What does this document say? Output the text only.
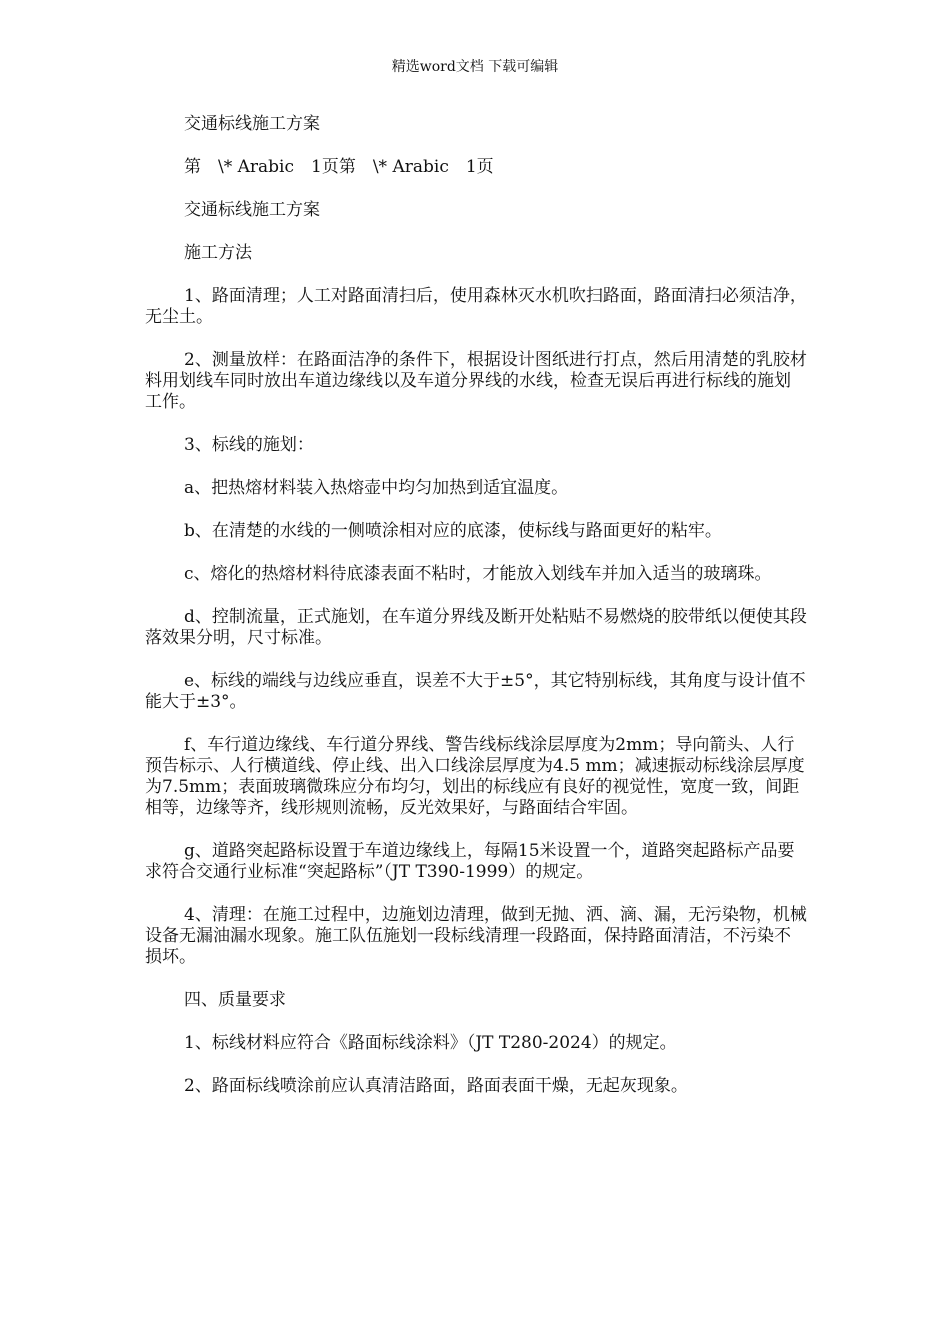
精选word文档 下载可编辑

交通标线施工方案

第　\* Arabic　1页第　\* Arabic　1页

交通标线施工方案

施工方法

1、路面清理；人工对路面清扫后，使用森林灭水机吹扫路面，路面清扫必须洁净，无尘土。

2、测量放样：在路面洁净的条件下，根据设计图纸进行打点，然后用清楚的乳胶材料用划线车同时放出车道边缘线以及车道分界线的水线，检查无误后再进行标线的施划工作。

3、标线的施划：

a、把热熔材料装入热熔壶中均匀加热到适宜温度。

b、在清楚的水线的一侧喷涂相对应的底漆，使标线与路面更好的粘牢。

c、熔化的热熔材料待底漆表面不粘时，才能放入划线车并加入适当的玻璃珠。

d、控制流量，正式施划，在车道分界线及断开处粘贴不易燃烧的胶带纸以便使其段落效果分明，尺寸标准。

e、标线的端线与边线应垂直，误差不大于±5°，其它特别标线，其角度与设计值不能大于±3°。

f、车行道边缘线、车行道分界线、警告线标线涂层厚度为2mm；导向箭头、人行预告标示、人行横道线、停止线、出入口线涂层厚度为4.5 mm；减速振动标线涂层厚度为7.5mm；表面玻璃微珠应分布均匀，划出的标线应有良好的视觉性，宽度一致，间距相等，边缘等齐，线形规则流畅，反光效果好，与路面结合牢固。

g、道路突起路标设置于车道边缘线上，每隔15米设置一个，道路突起路标产品要求符合交通行业标准“突起路标”（JT T390-1999）的规定。

4、清理：在施工过程中，边施划边清理，做到无抛、洒、滴、漏，无污染物，机械设备无漏油漏水现象。施工队伍施划一段标线清理一段路面，保持路面清洁，不污染不损坏。

四、质量要求

1、标线材料应符合《路面标线涂料》（JT T280-2024）的规定。

2、路面标线喷涂前应认真清洁路面，路面表面干燥，无起灰现象。
